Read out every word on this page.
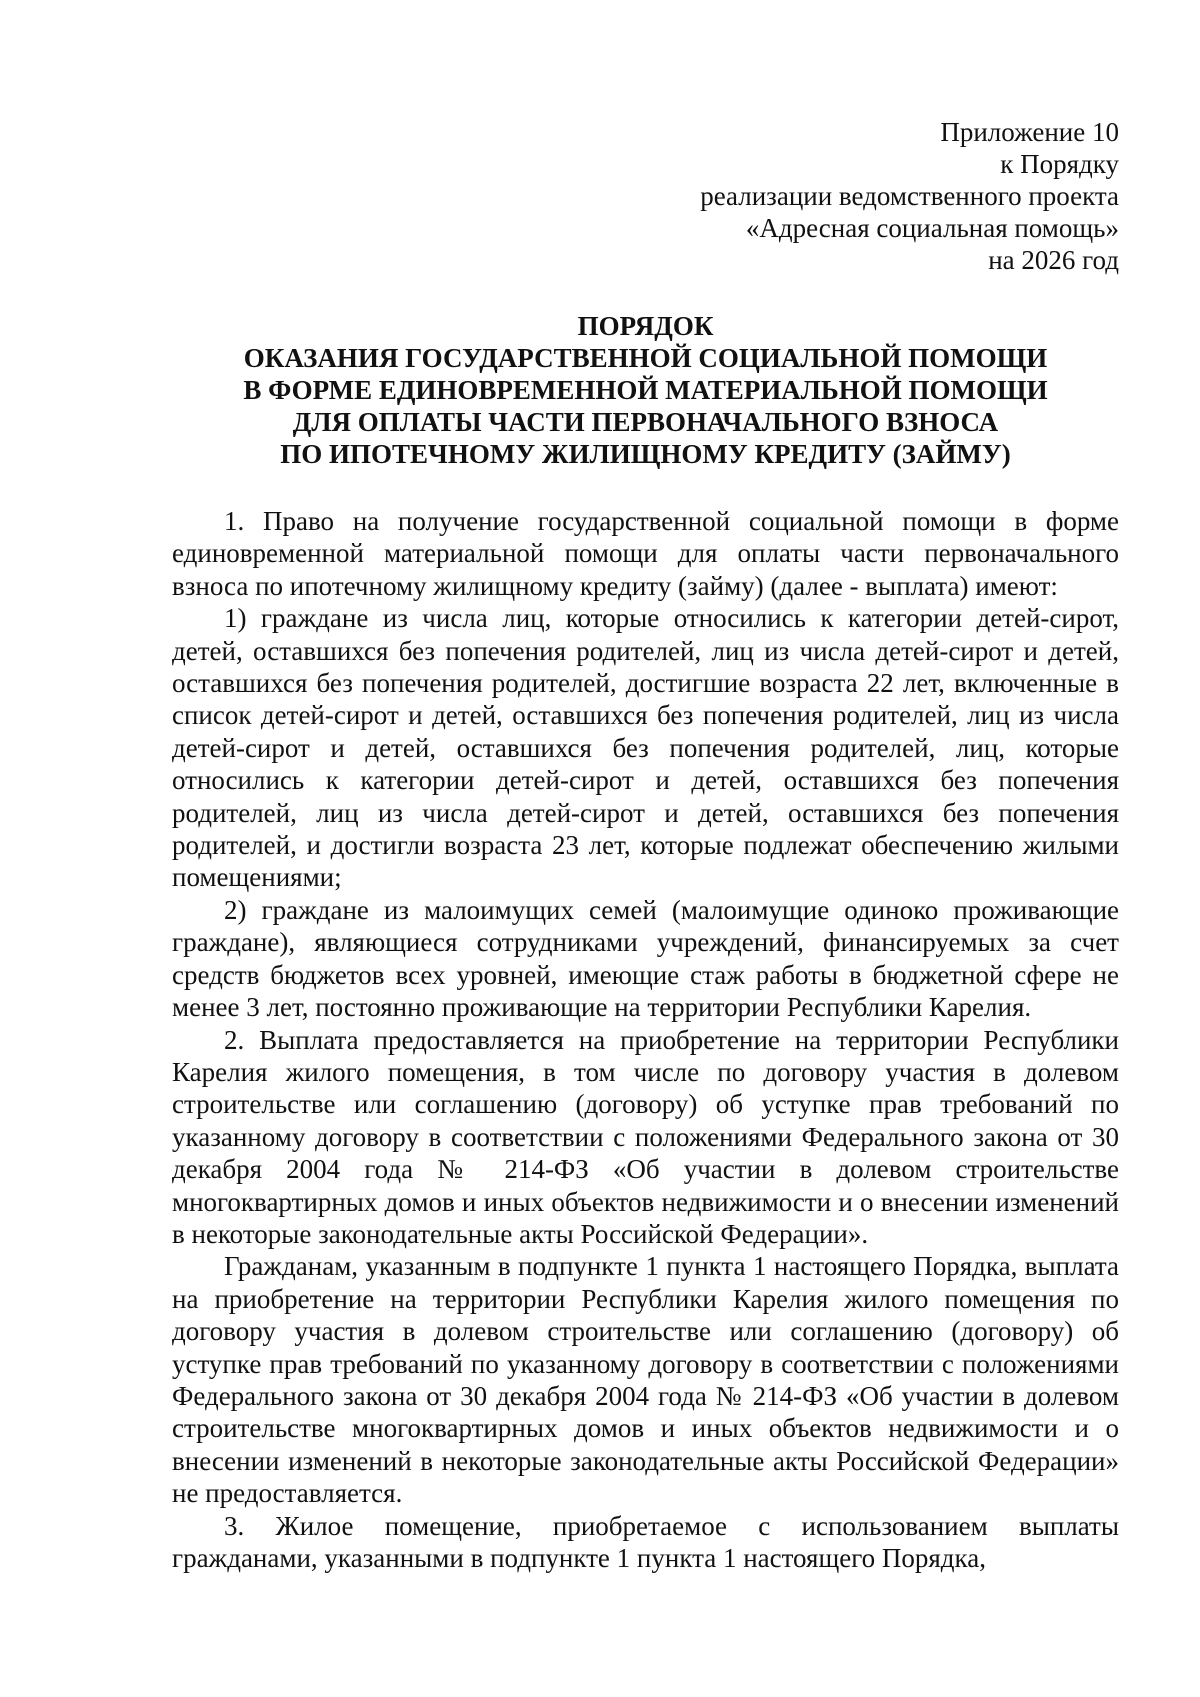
Приложение 10
к Порядку
реализации ведомственного проекта
«Адресная социальная помощь»
на 2026 год
ПОРЯДОК
ОКАЗАНИЯ ГОСУДАРСТВЕННОЙ СОЦИАЛЬНОЙ ПОМОЩИ
В ФОРМЕ ЕДИНОВРЕМЕННОЙ МАТЕРИАЛЬНОЙ ПОМОЩИ
ДЛЯ ОПЛАТЫ ЧАСТИ ПЕРВОНАЧАЛЬНОГО ВЗНОСА
ПО ИПОТЕЧНОМУ ЖИЛИЩНОМУ КРЕДИТУ (ЗАЙМУ)

1. Право на получение государственной социальной помощи в форме единовременной материальной помощи для оплаты части первоначального взноса по ипотечному жилищному кредиту (займу) (далее - выплата) имеют:

1) граждане из числа лиц, которые относились к категории детей-сирот, детей, оставшихся без попечения родителей, лиц из числа детей-сирот и детей, оставшихся без попечения родителей, достигшие возраста 22 лет, включенные в список детей-сирот и детей, оставшихся без попечения родителей, лиц из числа детей-сирот и детей, оставшихся без попечения родителей, лиц, которые относились к категории детей-сирот и детей, оставшихся без попечения родителей, лиц из числа детей-сирот и детей, оставшихся без попечения родителей, и достигли возраста 23 лет, которые подлежат обеспечению жилыми помещениями;

2) граждане из малоимущих семей (малоимущие одиноко проживающие граждане), являющиеся сотрудниками учреждений, финансируемых за счет средств бюджетов всех уровней, имеющие стаж работы в бюджетной сфере не менее 3 лет, постоянно проживающие на территории Республики Карелия.

2. Выплата предоставляется на приобретение на территории Республики Карелия жилого помещения, в том числе по договору участия в долевом строительстве или соглашению (договору) об уступке прав требований по указанному договору в соответствии с положениями Федерального закона от 30 декабря 2004 года № 214-ФЗ «Об участии в долевом строительстве многоквартирных домов и иных объектов недвижимости и о внесении изменений в некоторые законодательные акты Российской Федерации».

Гражданам, указанным в подпункте 1 пункта 1 настоящего Порядка, выплата на приобретение на территории Республики Карелия жилого помещения по договору участия в долевом строительстве или соглашению (договору) об уступке прав требований по указанному договору в соответствии с положениями Федерального закона от 30 декабря 2004 года № 214-ФЗ «Об участии в долевом строительстве многоквартирных домов и иных объектов недвижимости и о внесении изменений в некоторые законодательные акты Российской Федерации» не предоставляется.

3. Жилое помещение, приобретаемое с использованием выплаты гражданами, указанными в подпункте 1 пункта 1 настоящего Порядка,
